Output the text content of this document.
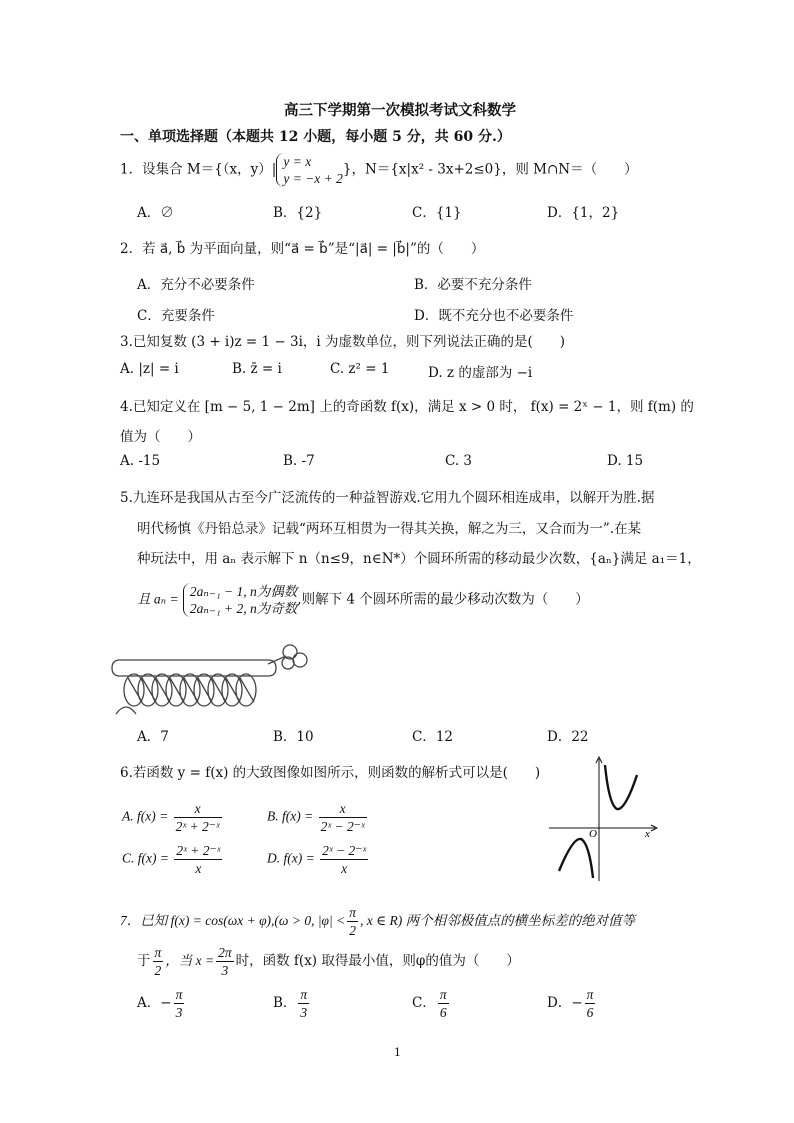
高三下学期第一次模拟考试文科数学
一、单项选择题（本题共 12 小题，每小题 5 分，共 60 分.）
1．设集合 M＝{（x，y）| y = x
y = −x + 2
}，N＝{x|x² - 3x+2≤0}，则 M∩N＝（　　）
A．∅	B．{2}	C．{1}	D．{1，2}
2．若 a⃗, b⃗ 为平面向量，则“a⃗ = b⃗”是“|a⃗| = |b⃗|”的（　　）
A．充分不必要条件	B．必要不充分条件
C．充要条件	D．既不充分也不必要条件
3.已知复数 (3 + i)z = 1 − 3i，i 为虚数单位，则下列说法正确的是(　　)
A. |z| = i	B. z̄ = i	C. z² = 1	D. z 的虚部为 −i
4.已知定义在 [m − 5, 1 − 2m] 上的奇函数 f(x)，满足 x > 0 时， f(x) = 2ˣ − 1，则 f(m) 的
值为（　　）
A. -15	B. -7	C. 3	D. 15
5.九连环是我国从古至今广泛流传的一种益智游戏.它用九个圆环相连成串，以解开为胜.据
明代杨慎《丹铅总录》记载“两环互相贯为一得其关换，解之为三，又合而为一”.在某
种玩法中，用 aₙ 表示解下 n（n≤9，n∈N*）个圆环所需的移动最少次数，{aₙ}满足 a₁＝1，
且 aₙ = 2aₙ₋₁ − 1, n为偶数
2aₙ₋₁ + 2, n为奇数
,则解下 4 个圆环所需的最少移动次数为（　　）
A．7	B．10	C．12	D．22
6.若函数 y = f(x) 的大致图像如图所示，则函数的解析式可以是(　　)
A. $f(x) = \frac{x}{\text{2ˣ + 2⁻ˣ}}$	B. $f(x) = \frac{x}{\text{2ˣ − 2⁻ˣ}}$
C. $f(x) = \frac{\text{2ˣ + 2⁻ˣ}}{x}$	D. $f(x) = \frac{\text{2ˣ − 2⁻ˣ}}{x}$
O	x
7．已知 f(x) = cos(ωx + φ),(ω > 0, $|\varphi| < \frac{\pi}{2}$ , x ∈ R) 两个相邻极值点的横坐标差的绝对值等
于 $\frac{\pi}{2}$ ，当 $x = \frac{2\pi}{3}$ 时，函数 f(x) 取得最小值，则φ的值为（　　）
A．− $\frac{\pi}{3}$	B． $\frac{\pi}{3}$	C． $\frac{\pi}{6}$	D．− $\frac{\pi}{6}$
1
